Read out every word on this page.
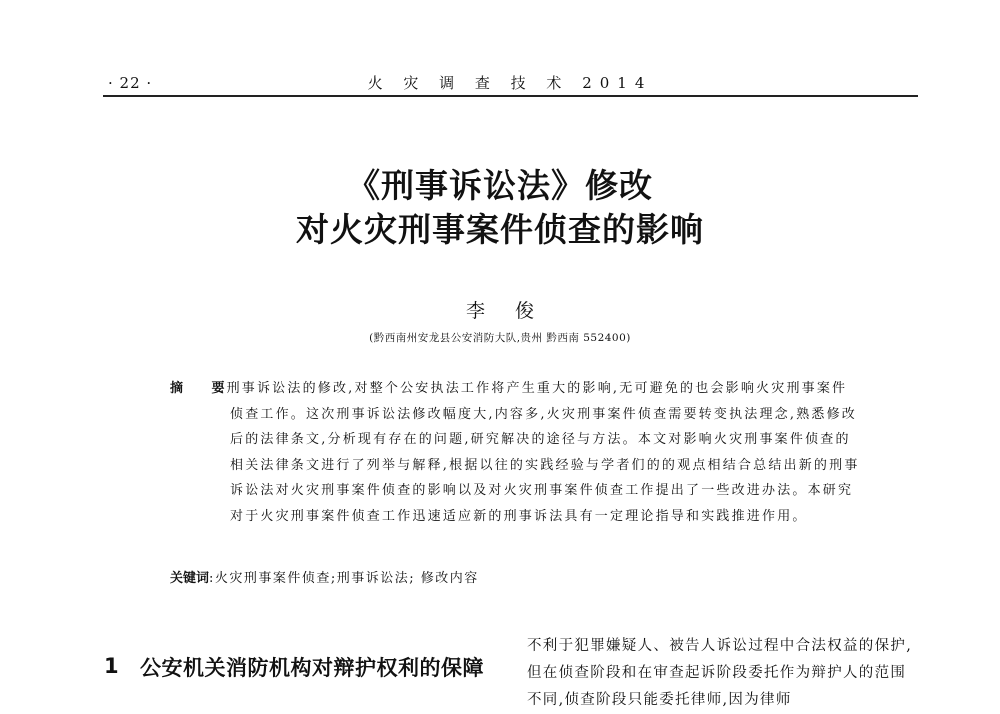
· 22 ·	火 灾 调 查 技 术 2014
《刑事诉讼法》修改
对火灾刑事案件侦查的影响
李 俊
(黔西南州安龙县公安消防大队,贵州 黔西南 552400)
摘 要
:刑事诉讼法的修改,对整个公安执法工作将产生重大的影响,无可避免的也会影响火灾刑事案件侦查工作。这次刑事诉讼法修改幅度大,内容多,火灾刑事案件侦查需要转变执法理念,熟悉修改后的法律条文,分析现有存在的问题,研究解决的途径与方法。本文对影响火灾刑事案件侦查的相关法律条文进行了列举与解释,根据以往的实践经验与学者们的的观点相结合总结出新的刑事诉讼法对火灾刑事案件侦查的影响以及对火灾刑事案件侦查工作提出了一些改进办法。本研究对于火灾刑事案件侦查工作迅速适应新的刑事诉法具有一定理论指导和实践推进作用。
关键词:火灾刑事案件侦查;刑事诉讼法; 修改内容
1 公安机关消防机构对辩护权利的保障
不利于犯罪嫌疑人、被告人诉讼过程中合法权益的保护,但在侦查阶段和在审查起诉阶段委托作为辩护人的范围不同,侦查阶段只能委托律师,因为律师
